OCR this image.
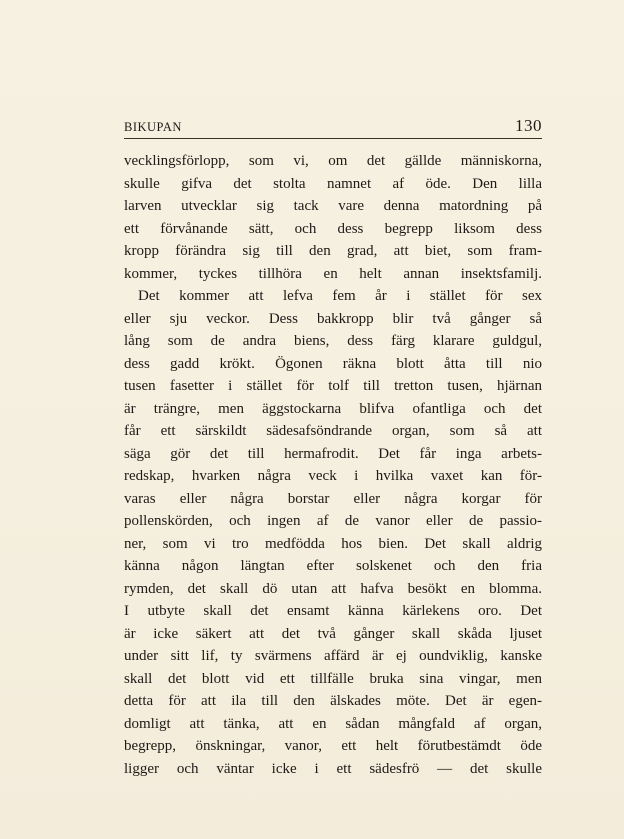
BIKUPAN	130
vecklingsförlopp, som vi, om det gällde människorna,
skulle gifva det stolta namnet af öde. Den lilla
larven utvecklar sig tack vare denna matordning på
ett förvånande sätt, och dess begrepp liksom dess
kropp förändra sig till den grad, att biet, som fram-
kommer, tyckes tillhöra en helt annan insektsfamilj.
Det kommer att lefva fem år i stället för sex
eller sju veckor. Dess bakkropp blir två gånger så
lång som de andra biens, dess färg klarare guldgul,
dess gadd krökt. Ögonen räkna blott åtta till nio
tusen fasetter i stället för tolf till tretton tusen, hjärnan
är trängre, men äggstockarna blifva ofantliga och det
får ett särskildt sädesafsöndrande organ, som så att
säga gör det till hermafrodit. Det får inga arbets-
redskap, hvarken några veck i hvilka vaxet kan för-
varas eller några borstar eller några korgar för
pollenskörden, och ingen af de vanor eller de passio-
ner, som vi tro medfödda hos bien. Det skall aldrig
känna någon längtan efter solskenet och den fria
rymden, det skall dö utan att hafva besökt en blomma.
I utbyte skall det ensamt känna kärlekens oro. Det
är icke säkert att det två gånger skall skåda ljuset
under sitt lif, ty svärmens affärd är ej oundviklig, kanske
skall det blott vid ett tillfälle bruka sina vingar, men
detta för att ila till den älskades möte. Det är egen-
domligt att tänka, att en sådan mångfald af organ,
begrepp, önskningar, vanor, ett helt förutbestämdt öde
ligger och väntar icke i ett sädesfrö — det skulle
